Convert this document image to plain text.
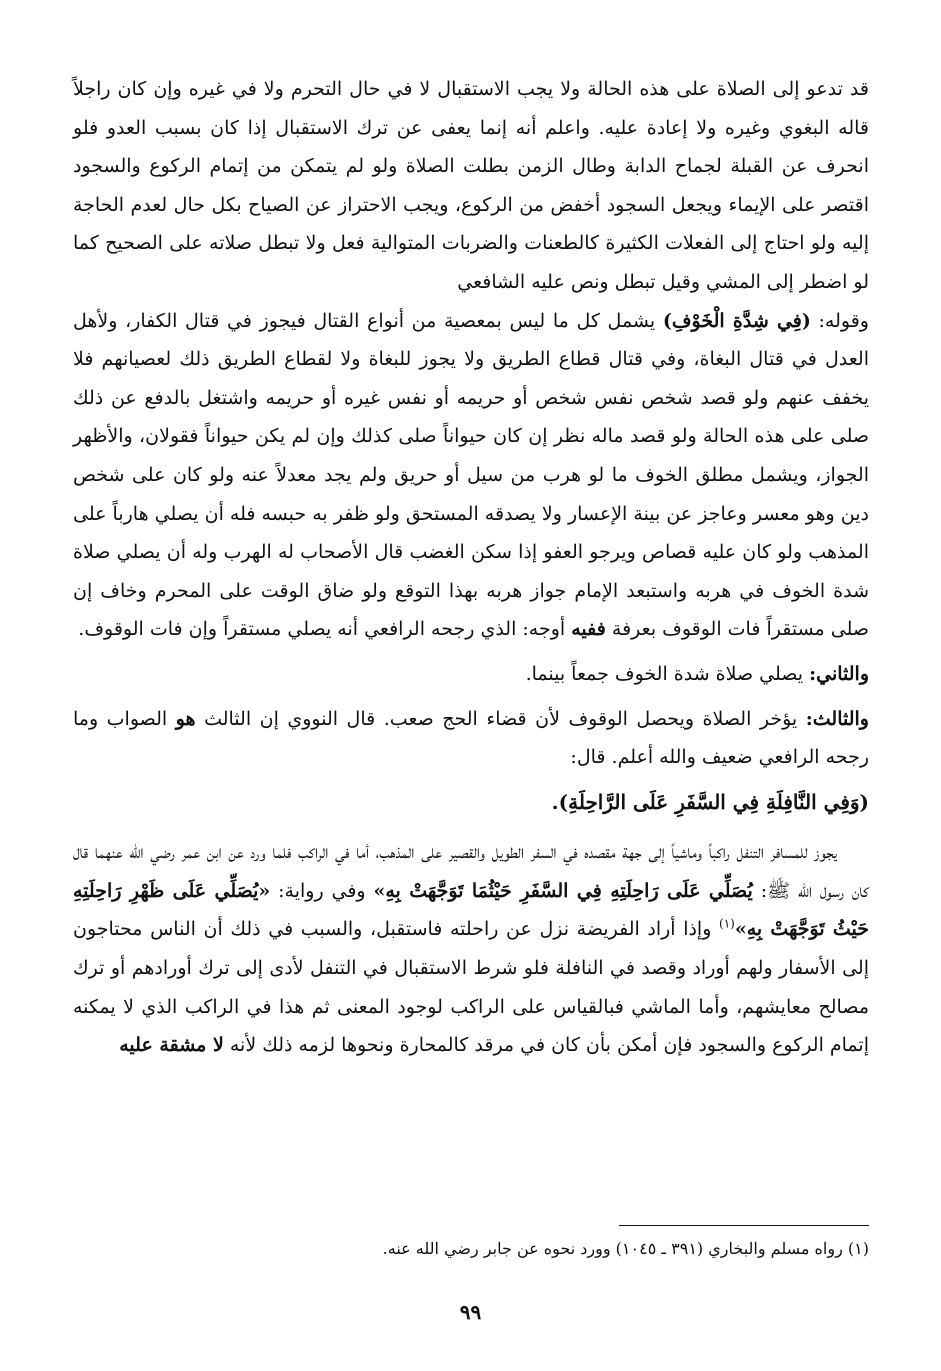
قد تدعو إلى الصلاة على هذه الحالة ولا يجب الاستقبال لا في حال التحرم ولا في غيره وإن كان راجلاً قاله البغوي وغيره ولا إعادة عليه. واعلم أنه إنما يعفى عن ترك الاستقبال إذا كان بسبب العدو فلو انحرف عن القبلة لجماح الدابة وطال الزمن بطلت الصلاة ولو لم يتمكن من إتمام الركوع والسجود اقتصر على الإيماء ويجعل السجود أخفض من الركوع، ويجب الاحتراز عن الصياح بكل حال لعدم الحاجة إليه ولو احتاج إلى الفعلات الكثيرة كالطعنات والضربات المتوالية فعل ولا تبطل صلاته على الصحيح كما لو اضطر إلى المشي وقيل تبطل ونص عليه الشافعي

وقوله: (فِي شِدَّةِ الْخَوْفِ) يشمل كل ما ليس بمعصية من أنواع القتال فيجوز في قتال الكفار، ولأهل العدل في قتال البغاة، وفي قتال قطاع الطريق ولا يجوز للبغاة ولا لقطاع الطريق ذلك لعصيانهم فلا يخفف عنهم ولو قصد شخص نفس شخص أو حريمه أو نفس غيره أو حريمه واشتغل بالدفع عن ذلك صلى على هذه الحالة ولو قصد ماله نظر إن كان حيواناً صلى كذلك وإن لم يكن حيواناً فقولان، والأظهر الجواز، ويشمل مطلق الخوف ما لو هرب من سيل أو حريق ولم يجد معدلاً عنه ولو كان على شخص دين وهو معسر وعاجز عن بينة الإعسار ولا يصدقه المستحق ولو ظفر به حبسه فله أن يصلي هارباً على المذهب ولو كان عليه قصاص ويرجو العفو إذا سكن الغضب قال الأصحاب له الهرب وله أن يصلي صلاة شدة الخوف في هربه واستبعد الإمام جواز هربه بهذا التوقع ولو ضاق الوقت على المحرم وخاف إن صلى مستقراً فات الوقوف بعرفة ففيه أوجه: الذي رجحه الرافعي أنه يصلي مستقراً وإن فات الوقوف.

والثاني: يصلي صلاة شدة الخوف جمعاً بينما.

والثالث: يؤخر الصلاة ويحصل الوقوف لأن قضاء الحج صعب. قال النووي إن الثالث هو الصواب وما رجحه الرافعي ضعيف والله أعلم. قال:

(وَفِي النَّافِلَةِ فِي السَّفَرِ عَلَى الرَّاحِلَةِ).

يجوز للمسافر التنفل راكباً وماشياً إلى جهة مقصده في السفر الطويل والقصير على المذهب، أما في الراكب فلما ورد عن ابن عمر رضي الله عنهما قال كان رسول الله ﷺ: يُصَلِّي عَلَى رَاحِلَتِهِ فِي السَّفَرِ حَيْثُمَا تَوَجَّهَتْ بِهِ» وفي رواية: «يُصَلِّي عَلَى ظَهْرِ رَاحِلَتِهِ حَيْثُ تَوَجَّهَتْ بِهِ»$^{(١)}$ وإذا أراد الفريضة نزل عن راحلته فاستقبل، والسبب في ذلك أن الناس محتاجون إلى الأسفار ولهم أوراد وقصد في النافلة فلو شرط الاستقبال في التنفل لأدى إلى ترك أورادهم أو ترك مصالح معايشهم، وأما الماشي فبالقياس على الراكب لوجود المعنى ثم هذا في الراكب الذي لا يمكنه إتمام الركوع والسجود فإن أمكن بأن كان في مرقد كالمحارة ونحوها لزمه ذلك لأنه لا مشقة عليه

(١) رواه مسلم والبخاري (٣٩١ ـ ١٠٤٥) وورد نحوه عن جابر رضي الله عنه.

٩٩
